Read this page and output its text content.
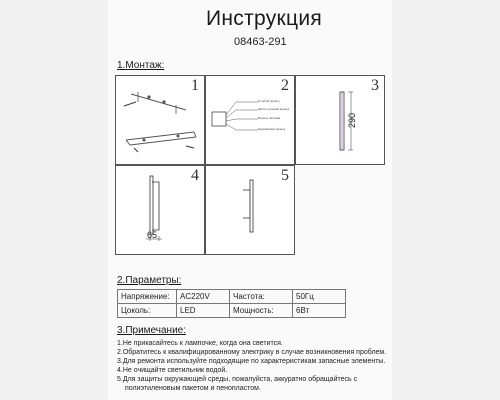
Инструкция
08463-291
1.Монтаж:
1	2
Голубой провод
Желто-зеленый провод
Провод питания
Коричневый провод
3
290
4
65
5
2.Параметры:
Напряжение:	AC220V	Частота:	50Гц
Цоколь:	LED	Мощность:	6Вт
3.Примечание:
1.Не прикасайтесь к лампочке, когда она светится.
2.Обратитесь к квалифицированному электрику в случае возникновения проблем.
3.Для ремонта используйте подходящие по характеристикам запасные элементы.
4.Не очищайте светильник водой.
5.Для защиты окружающей среды, пожалуйста, аккуратно обращайтесь с
полиэтиленовым пакетом и пенопластом.
